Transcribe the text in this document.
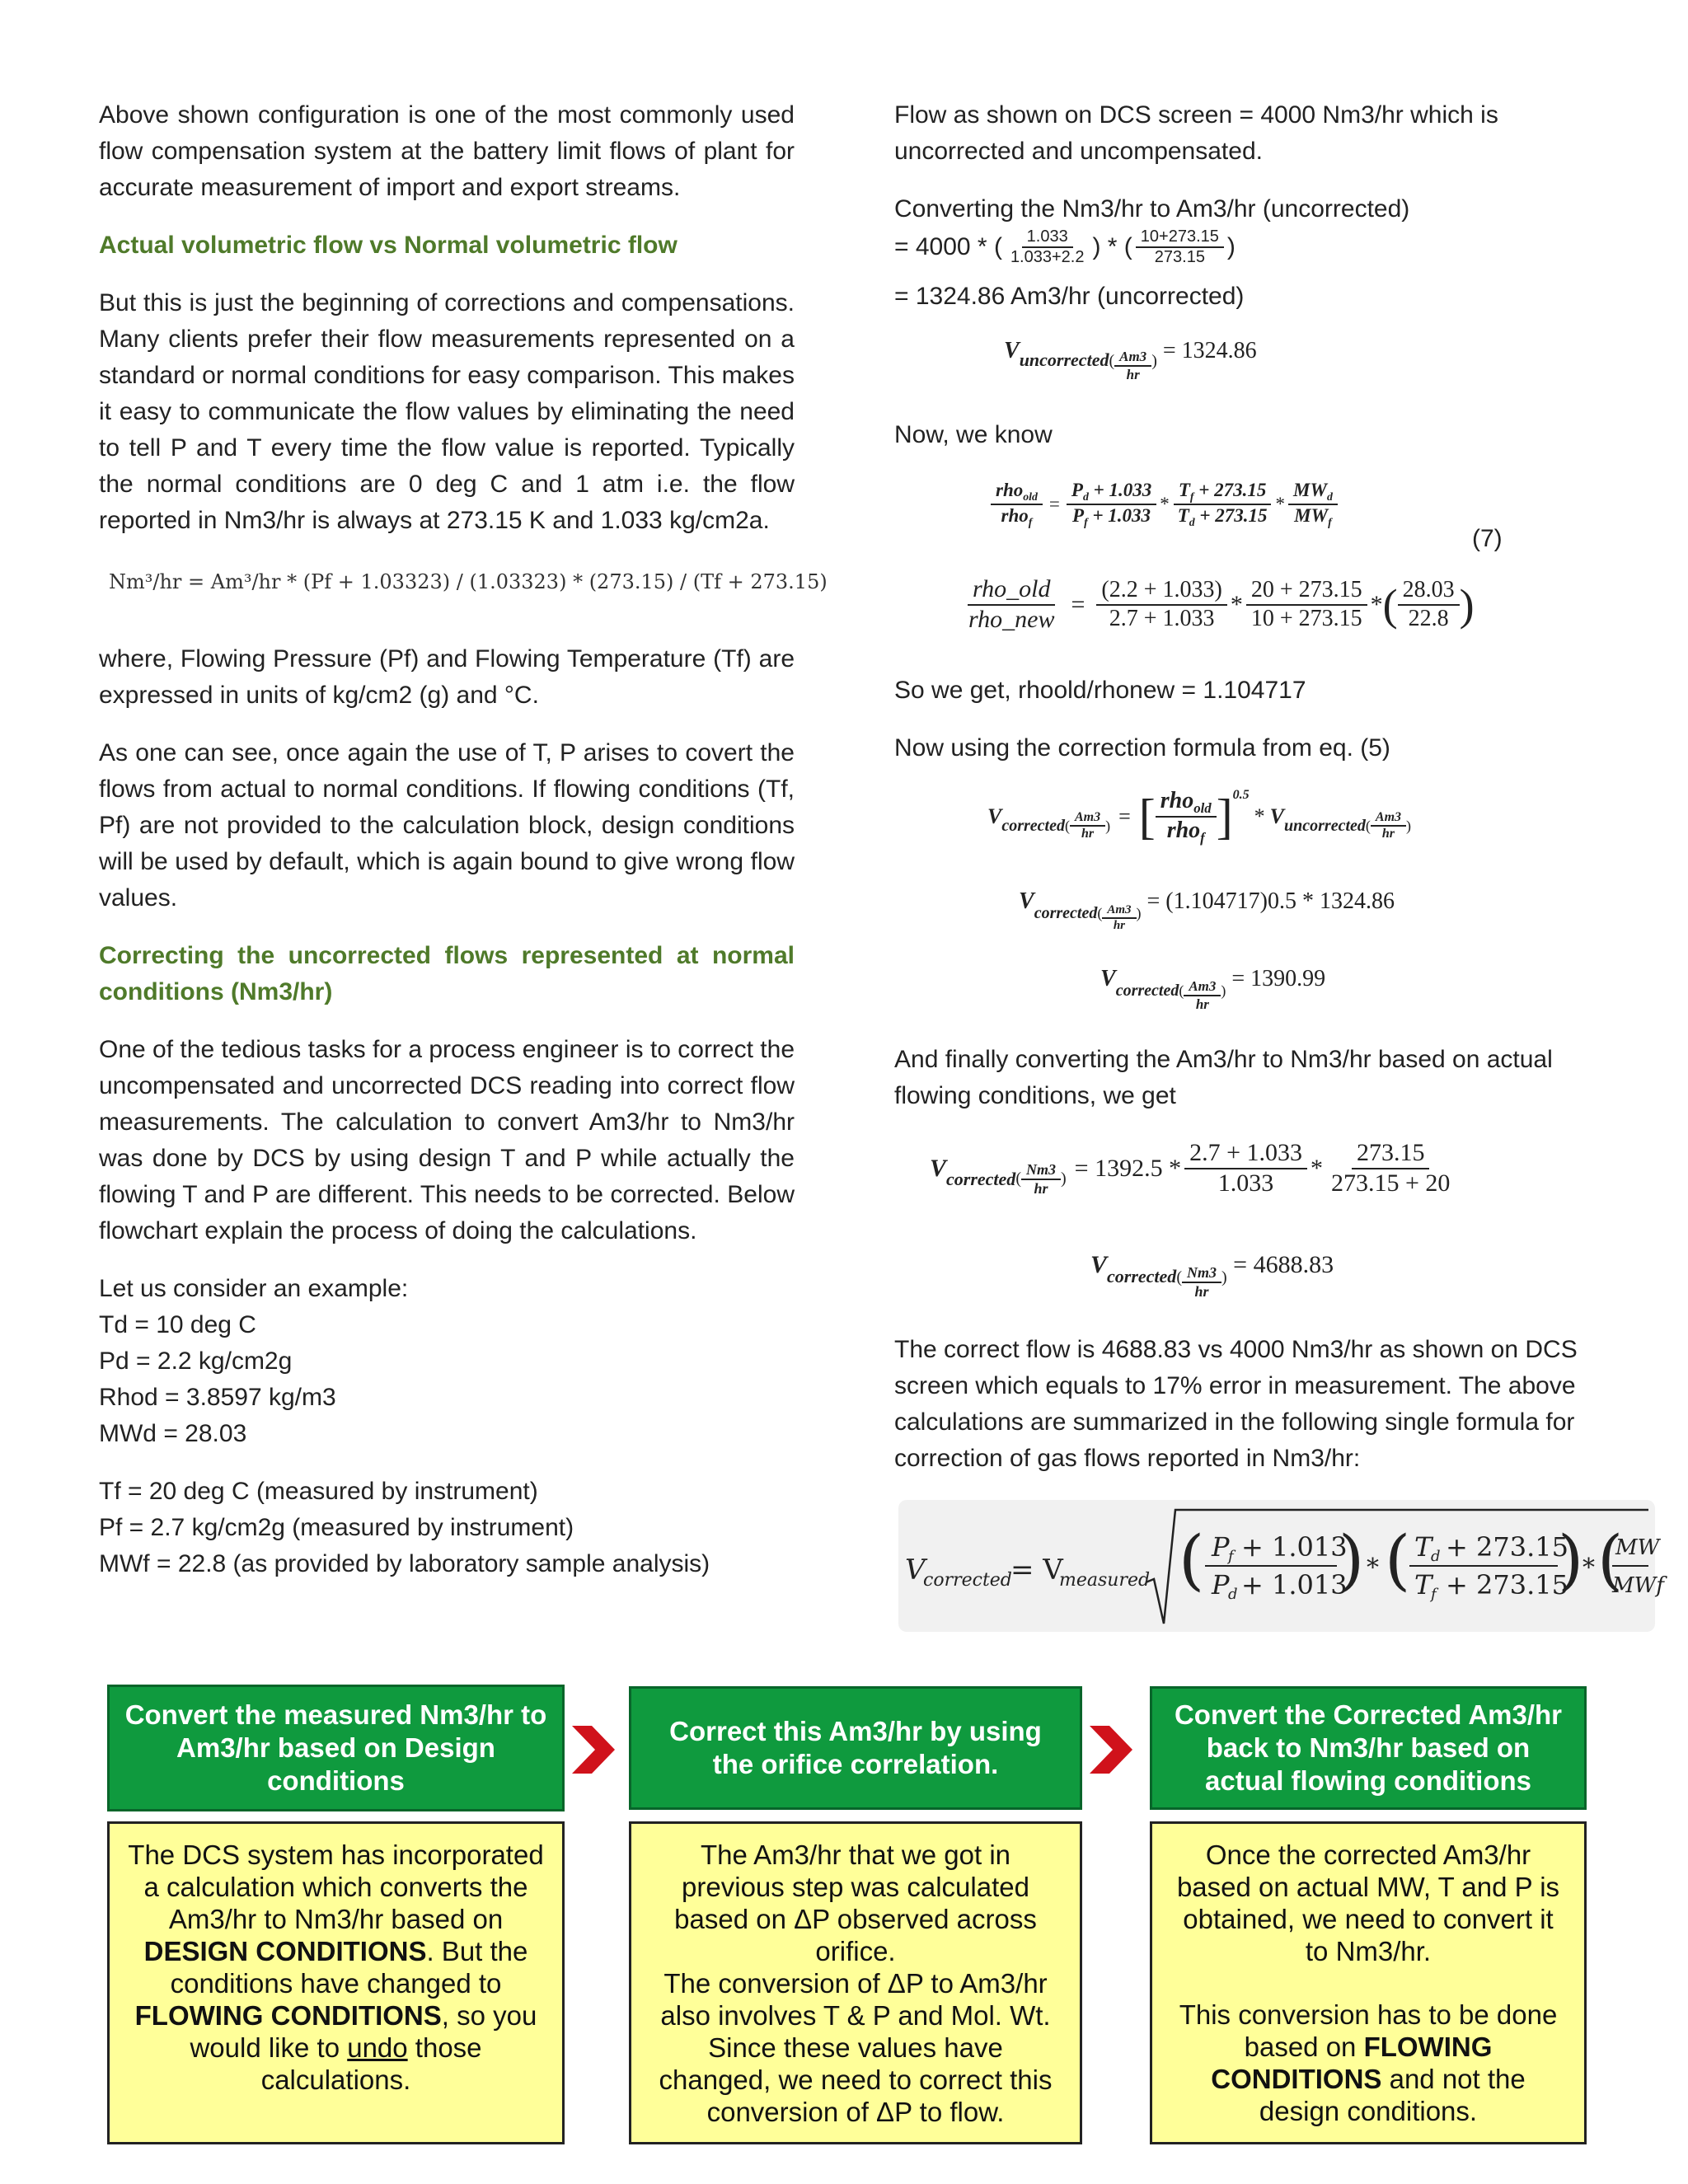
Above shown configuration is one of the most commonly used flow compensation system at the battery limit flows of plant for accurate measurement of import and export streams.

Actual volumetric flow vs Normal volumetric flow

But this is just the beginning of corrections and compensations. Many clients prefer their flow measurements represented on a standard or normal conditions for easy comparison. This makes it easy to communicate the flow values by eliminating the need to tell P and T every time the flow value is reported. Typically the normal conditions are 0 deg C and 1 atm i.e. the flow reported in Nm3/hr is always at 273.15 K and 1.033 kg/cm2a.

Nm³/hr = Am³/hr * (Pf + 1.03323) / (1.03323) * (273.15) / (Tf + 273.15)

where, Flowing Pressure (Pf) and Flowing Temperature (Tf) are expressed in units of kg/cm2 (g) and °C.

As one can see, once again the use of T, P arises to covert the flows from actual to normal conditions. If flowing conditions (Tf, Pf) are not provided to the calculation block, design conditions will be used by default, which is again bound to give wrong flow values.

Correcting the uncorrected flows represented at normal conditions (Nm3/hr)

One of the tedious tasks for a process engineer is to correct the uncompensated and uncorrected DCS reading into correct flow measurements. The calculation to convert Am3/hr to Nm3/hr was done by DCS by using design T and P while actually the flowing T and P are different. This needs to be corrected. Below flowchart explain the process of doing the calculations.

Let us consider an example:

Td = 10 deg C

Pd = 2.2 kg/cm2g

Rhod = 3.8597 kg/m3

MWd = 28.03

Tf = 20 deg C (measured by instrument)

Pf = 2.7 kg/cm2g (measured by instrument)

MWf = 22.8 (as provided by laboratory sample analysis)

Flow as shown on DCS screen = 4000 Nm3/hr which is uncorrected and uncompensated.
Converting the Nm3/hr to Am3/hr (uncorrected)
= 4000 * ( $\frac{1.033}{1.033+2.2}$ ) * ( $\frac{10+273.15}{273.15}$ )
= 1324.86 Am3/hr (uncorrected)
$V_{uncorrected(} \frac{Am3}{hr} _) = 1324.86$
Now, we know
$\frac{rho_{old}}{rho_f} = \frac{P_d + 1.033}{P_f + 1.033} * \frac{T_f + 273.15}{T_d + 273.15} * \frac{MW_d}{MW_f}$
(7)
$\frac{\text{rho\_old}}{\text{rho\_new}} = \frac{(2.2 + 1.033)}{2.7 + 1.033} * \frac{20 + 273.15}{10 + 273.15}$ * ( $\frac{28.03}{22.8}$ )
So we get, rhoold/rhonew = 1.104717
Now using the correction formula from eq. (5)
V corrected ( $\frac{Am3}{hr}$ ) = [ $\frac{rho_{old}}{rho_f}$ ] 0.5
* V uncorrected ( $\frac{Am3}{hr}$ )
$V_{corrected(} \frac{Am3}{hr} _) = (1.104717)0.5 * 1324.86$
$V_{corrected(} \frac{Am3}{hr} _) = 1390.99$
And finally converting the Am3/hr to Nm3/hr based on actual flowing conditions, we get
V corrected ( $\frac{Nm3}{hr}$ ) = $1392.5 * \frac{2.7 + 1.033}{1.033} * \frac{273.15}{273.15 + 20}$
$V_{corrected(} \frac{Nm3}{hr} _) = 4688.83$
The correct flow is 4688.83 vs 4000 Nm3/hr as shown on DCS screen which equals to 17% error in measurement. The above calculations are summarized in the following single formula for correction of gas flows reported in Nm3/hr:
V
corrected
= V
measured ( P
f + 1.013
P
d + 1.013
) * ( T
d + 273.15
T
f + 273.15
)
* (
MW
MWf
Convert the measured Nm3/hr to Am3/hr based on Design conditions
Correct this Am3/hr by using the orifice correlation.
Convert the Corrected Am3/hr back to Nm3/hr based on actual flowing conditions
The DCS system has incorporated a calculation which converts the Am3/hr to Nm3/hr based on DESIGN CONDITIONS. But the conditions have changed to FLOWING CONDITIONS, so you would like to undo those calculations.
The Am3/hr that we got in previous step was calculated based on ΔP observed across orifice.
The conversion of ΔP to Am3/hr also involves T & P and Mol. Wt. Since these values have changed, we need to correct this conversion of ΔP to flow.
Once the corrected Am3/hr based on actual MW, T and P is obtained, we need to convert it to Nm3/hr.
This conversion has to be done based on FLOWING CONDITIONS and not the design conditions.
